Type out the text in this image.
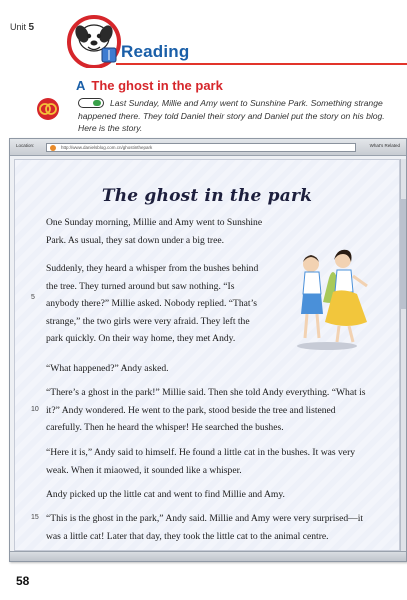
Unit 5
Reading
A The ghost in the park
Last Sunday, Millie and Amy went to Sunshine Park. Something strange happened there. They told Daniel their story and Daniel put the story on his blog. Here is the story.
Location:	http://www.danielsblog.com.cn/ghostinthepark	What's Related
The ghost in the park
One Sunday morning, Millie and Amy went to Sunshine
Park. As usual, they sat down under a big tree.
Suddenly, they heard a whisper from the bushes behind
the tree. They turned around but saw nothing. “Is
anybody there?” Millie asked. Nobody replied. “That’s
strange,” the two girls were very afraid. They left the
park quickly. On their way home, they met Andy.
5
“What happened?” Andy asked.
“There’s a ghost in the park!” Millie said. Then she told Andy everything. “What is
it?” Andy wondered. He went to the park, stood beside the tree and listened
carefully. Then he heard the whisper! He searched the bushes.
10
“Here it is,” Andy said to himself. He found a little cat in the bushes. It was very
weak. When it miaowed, it sounded like a whisper.
Andy picked up the little cat and went to find Millie and Amy.
“This is the ghost in the park,” Andy said. Millie and Amy were very surprised—it
was a little cat! Later that day, they took the little cat to the animal centre.
15
58
